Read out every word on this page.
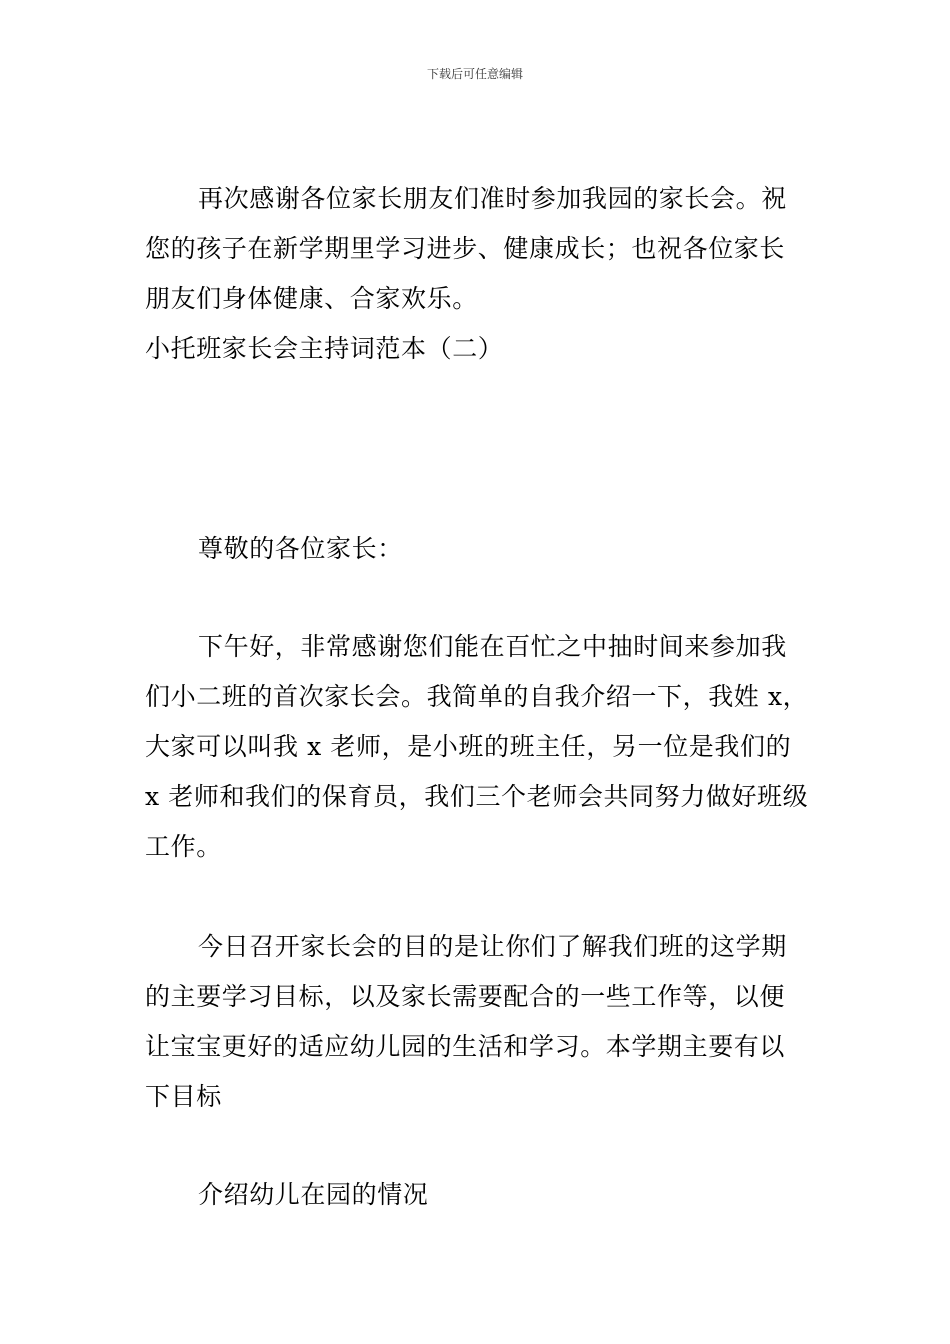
下载后可任意编辑

再次感谢各位家长朋友们准时参加我园的家长会。祝您的孩子在新学期里学习进步、健康成长；也祝各位家长朋友们身体健康、合家欢乐。

小托班家长会主持词范本（二）

尊敬的各位家长：

下午好，非常感谢您们能在百忙之中抽时间来参加我们小二班的首次家长会。我简单的自我介绍一下，我姓 x，大家可以叫我 x 老师，是小班的班主任，另一位是我们的 x 老师和我们的保育员，我们三个老师会共同努力做好班级工作。

今日召开家长会的目的是让你们了解我们班的这学期的主要学习目标，以及家长需要配合的一些工作等，以便让宝宝更好的适应幼儿园的生活和学习。本学期主要有以下目标

介绍幼儿在园的情况
